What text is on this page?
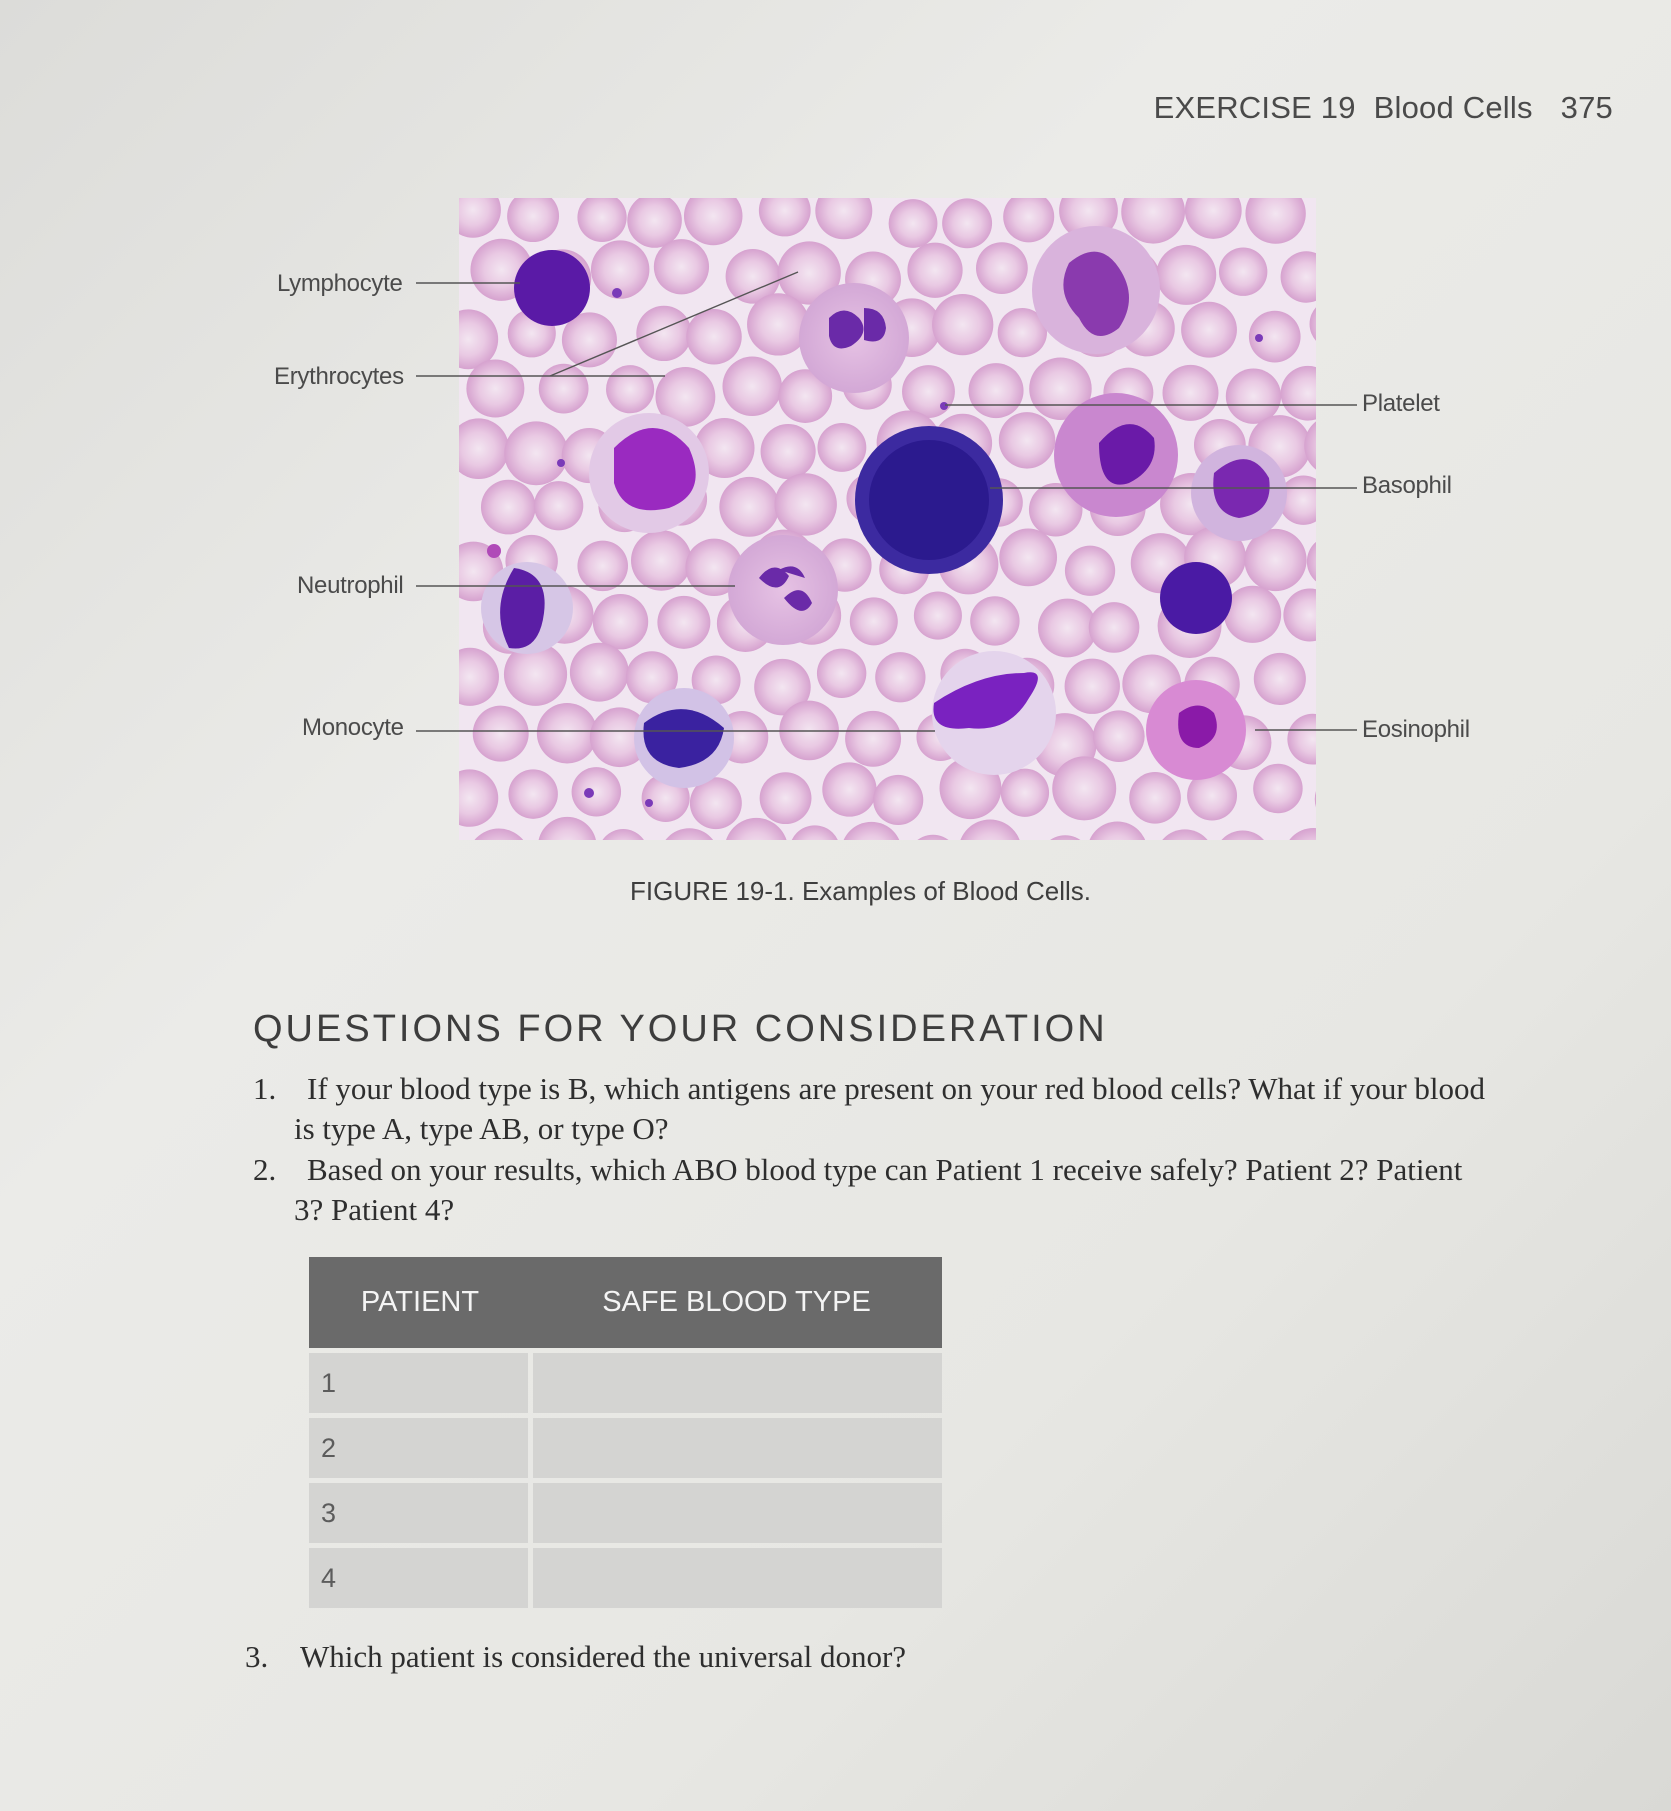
EXERCISE 19 Blood Cells 375
Lymphocyte
Erythrocytes
Neutrophil
Monocyte
Platelet
Basophil
Eosinophil
FIGURE 19-1. Examples of Blood Cells.
QUESTIONS FOR YOUR CONSIDERATION
1. If your blood type is B, which antigens are present on your red blood cells? What if your blood
is type A, type AB, or type O?
2. Based on your results, which ABO blood type can Patient 1 receive safely? Patient 2? Patient
3? Patient 4?
PATIENT	SAFE BLOOD TYPE
1
2
3
4
3. Which patient is considered the universal donor?
